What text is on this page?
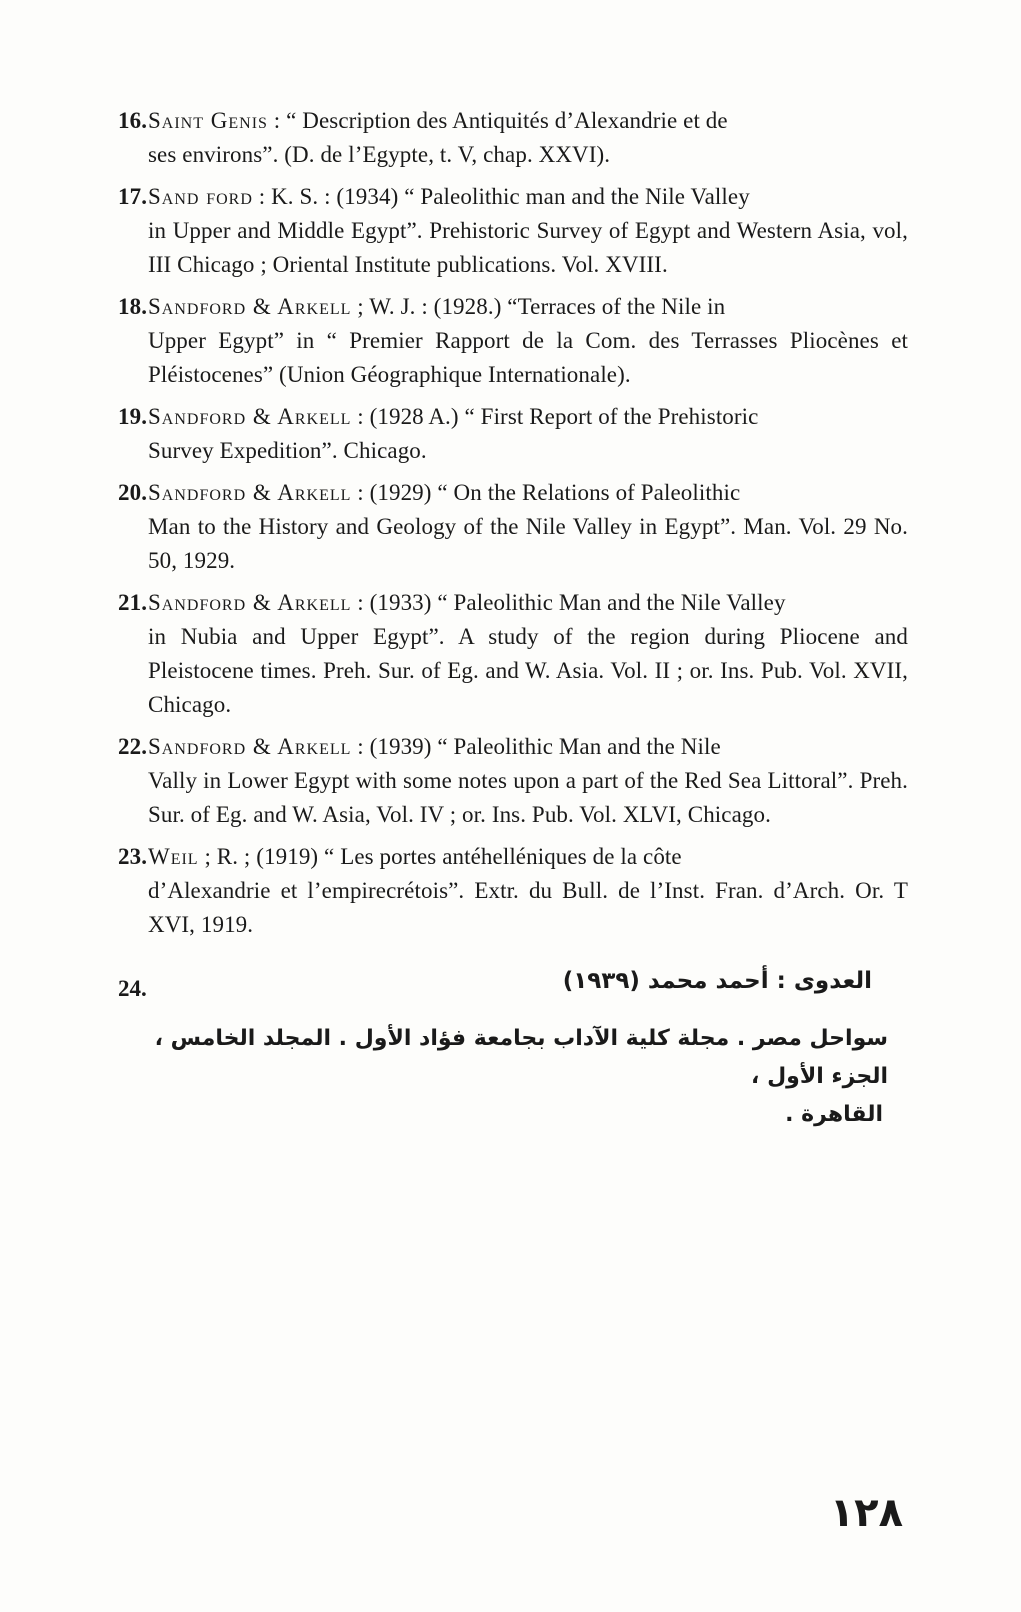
16. Saint Genis : “ Description des Antiquités d’Alexandrie et de
ses environs”. (D. de l’Egypte, t. V, chap. XXVI).
17. Sand ford : K. S. : (1934) “ Paleolithic man and the Nile Valley
in Upper and Middle Egypt”. Prehistoric Survey of Egypt and Western Asia, vol, III Chicago ; Oriental Institute publications. Vol. XVIII.
18. Sandford & Arkell ; W. J. : (1928.) “Terraces of the Nile in
Upper Egypt” in “ Premier Rapport de la Com. des Terrasses Pliocènes et Pléistocenes” (Union Géographique Internationale).
19. Sandford & Arkell : (1928 A.) “ First Report of the Prehistoric
Survey Expedition”. Chicago.
20. Sandford & Arkell : (1929) “ On the Relations of Paleolithic
Man to the History and Geology of the Nile Valley in Egypt”. Man. Vol. 29 No. 50, 1929.
21. Sandford & Arkell : (1933) “ Paleolithic Man and the Nile Valley
in Nubia and Upper Egypt”. A study of the region during Pliocene and Pleistocene times. Preh. Sur. of Eg. and W. Asia. Vol. II ; or. Ins. Pub. Vol. XVII, Chicago.
22. Sandford & Arkell : (1939) “ Paleolithic Man and the Nile
Vally in Lower Egypt with some notes upon a part of the Red Sea Littoral”. Preh. Sur. of Eg. and W. Asia, Vol. IV ; or. Ins. Pub. Vol. XLVI, Chicago.
23. Weil ; R. ; (1919) “ Les portes antéhelléniques de la côte
d’Alexandrie et l’empirecrétois”. Extr. du Bull. de l’Inst. Fran. d’Arch. Or. T XVI, 1919.
24.	العدوى : أحمد محمد (١٩٣٩)
سواحل مصر . مجلة كلية الآداب بجامعة فؤاد الأول . المجلد الخامس ، الجزء الأول ،
القاهرة .
١٢٨
